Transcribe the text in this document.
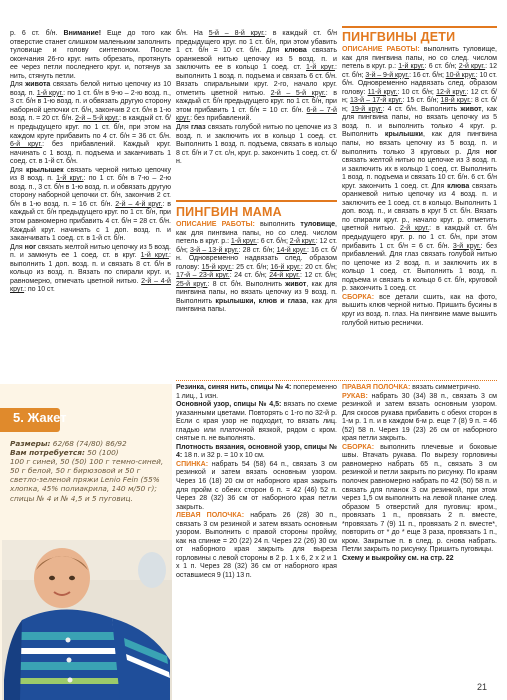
р. 6 ст. б/н. Внимание! Еще до того как отверстие станет слишком маленьким заполнить туловище и голову синтепоном. После окончания 26-го круг. нить обрезать, протянуть ее через петли последнего круг. и, потянув за нить, стянуть петли.

Для живота связать белой нитью цепочку из 10 возд. п. 1-й круг.: по 1 ст. б/н в 9-ю – 2-ю возд. п., 3 ст. б/н в 1-ю возд. п. и обвязать другую сторону наборной цепочки ст. б/н, закончив 2 ст. б/н в 1-ю возд. п. = 20 ст. б/н. 2-й – 5-й круг.: в каждый ст. б/н предыдущего круг. по 1 ст. б/н, при этом на каждом круге прибавить по 4 ст. б/н = 36 ст. б/н. 6-й круг.: без прибавлений. Каждый круг. начинать с 1 возд. п. подъема и заканчивать 1 соед. ст. в 1-й ст. б/н.

Для крылышек связать черной нитью цепочку из 8 возд. п. 1-й круг.: по 1 ст. б/н в 7-ю – 2-ю возд. п., 3 ст. б/н в 1-ю возд. п. и обвязать другую сторону наборной цепочки ст. б/н, закончив 2 ст. б/н в 1-ю возд. п. = 16 ст. б/н. 2-й – 4-й круг.: в каждый ст. б/н предыдущего круг. по 1 ст. б/н, при этом равномерно прибавить 4 ст. б/н = 28 ст. б/н. Каждый круг. начинать с 1 доп. возд. п. и заканчивать 1 соед. ст. в 1-й ст. б/н.

Для ног связать желтой нитью цепочку из 5 возд. п. и замкнуть ее 1 соед. ст. в круг. 1-й круг.: выполнить 1 доп. возд. п. и связать 8 ст. б/н в кольцо из возд. п. Вязать по спирали круг. и, равномерно, отмечать цветной нитью. 2-й – 4-й круг.: по 10 ст.

б/н. На 5-й – 8-й круг.: в каждый ст. б/н предыдущего круг. по 1 ст. б/н, при этом убавить 1 ст. б/н = 10 ст. б/н. Для клюва связать оранжевой нитью цепочку из 5 возд. п. и заключить ее в кольцо 1 соед. ст. 1-й круг.: выполнить 1 возд. п. подъема и связать 6 ст. б/н. Вязать спиральными круг. 2-го, начало круг. отметить цветной нитью. 2-й – 5-й круг.: в каждый ст. б/н предыдущего круг. по 1 ст. б/н, при этом прибавить 1 ст. б/н = 10 ст. б/н. 6-й – 7-й круг.: без прибавлений.

Для глаз связать голубой нитью по цепочке из 3 возд. п. и заключить их в кольцо 1 соед. ст. Выполнить 1 возд. п. подъема, связать в кольцо 8 ст. б/н и 7 ст. с/н, круг. р. закончить 1 соед. ст. б/н.

ПИНГВИН МАМА

ОПИСАНИЕ РАБОТЫ: выполнить туловище, как для пингвина папы, но со след. числом петель в круг. р.: 1-й круг.: 6 ст. б/н; 2-й круг.: 12 ст. б/н; 3-й – 13-й круг.: 28 ст. б/н; 14-й круг.: 16 ст. б/н. Одновременно надвязать след. образом голову: 15-й круг.: 25 ст. б/н; 16-й круг.: 20 ст. б/н; 17-й – 23-й круг.: 24 ст. б/н; 24-й круг.: 12 ст. б/н; 25-й круг.: 8 ст. б/н. Выполнить живот, как для пингвина папы, но вязать цепочку из 9 возд. п. Выполнить крылышки, клюв и глаза, как для пингвина папы.

ПИНГВИНЫ ДЕТИ

ОПИСАНИЕ РАБОТЫ: выполнить туловище, как для пингвина папы, но со след. числом петель в круг. р.: 1-й круг.: 6 ст. б/н; 2-й круг.: 12 ст. б/н; 3-й – 9-й круг.: 16 ст. б/н; 10-й круг.: 10 ст. б/н. Одновременно надвязать след. образом голову: 11-й круг.: 10 ст. б/н; 12-й круг.: 12 ст. б/н; 13-й – 17-й круг.: 15 ст. б/н; 18-й круг.: 8 ст. б/н; 19-й круг.: 4 ст. б/н. Выполнить живот, как для пингвина папы, но вязать цепочку из 5 возд. п. и выполнить только 4 круг. р. Выполнить крылышки, как для пингвина папы, но вязать цепочку из 5 возд. п. и выполнить только 3 круговых р. Для ног связать желтой нитью по цепочке из 3 возд. п. и заключить их в кольцо 1 соед. ст. Выполнить 1 возд. п. подъема и связать 10 ст. б/н. 6 ст. б/н круг. закончить 1 соед. ст. Для клюва связать оранжевой нитью цепочку из 4 возд. п. и заключить ее 1 соед. ст. в кольцо. Выполнить 1 доп. возд. п., и связать в круг 5 ст. б/н. Вязать по спирали круг. р., начало круг. р. отметить цветной нитью. 2-й круг.: в каждый ст. б/н предыдущего круг. р. по 1 ст. б/н, при этом прибавить 1 ст. б/н = 6 ст. б/н. 3-й круг.: без прибавлений. Для глаз связать голубой нитью по цепочке из 2 возд. п. и заключить их в кольцо 1 соед. ст. Выполнить 1 возд. п. подъема и связать в кольцо 6 ст. б/н, круговой р. закончить 1 соед. ст.

СБОРКА: все детали сшить, как на фото, вышить клюв черной нитью. Пришить бусины в круг из возд. п. глаз. На пингвине маме вышить голубой нитью реснички.

5. Жакет
Размеры: 62/68 (74/80) 86/92
Вам потребуется: 50 (100)
100 г синей, 50 (50) 100 г темно-синей, 50 г белой, 50 г бирюзовой и 50 г светло-зеленой пряжи Lenio Fein (55% хлопка, 45% полиакрила, 140 м/50 г); спицы № 4 и № 4,5 и 5 пуговиц.

Резинка, синяя нить, спицы № 4: попеременно 1 лиц., 1 изн.

Основной узор, спицы № 4,5: вязать по схеме указанными цветами. Повторять с 1-го по 32-й р. Если с края узор не подходит, то вязать лиц. гладью или платочной вязкой, рядом с кром. снятые п. не выполнять.

Плотность вязания, основной узор, спицы № 4: 18 п. и 32 р. = 10 х 10 см.

СПИНКА: набрать 54 (58) 64 п., связать 3 см резинкой и затем вязать основным узором. Через 16 (18) 20 см от наборного края закрыть для пройм с обеих сторон 6 п. = 42 (46) 52 п. Через 28 (32) 36 см от наборного края петли закрыть.

ЛЕВАЯ ПОЛОЧКА: набрать 26 (28) 30 п., связать 3 см резинкой и затем вязать основным узором. Выполнить с правой стороны пройму, как на спинке = 20 (22) 24 п. Через 22 (26) 30 см от наборного края закрыть для выреза горловины с левой стороны в 2 р. 1 х 6, 2 х 2 и 1 х 1 п. Через 28 (32) 36 см от наборного края оставшиеся 9 (11) 13 п.

ПРАВАЯ ПОЛОЧКА: вязать симметрично.

РУКАВ: набрать 30 (34) 38 п., связать 3 см резинкой и затем вязать основным узором. Для скосов рукава прибавить с обеих сторон в 1-м р. 1 п. и в каждом 6-м р. еще 7 (8) 9 п. = 46 (52) 58 п. Через 19 (23) 26 см от наборного края петли закрыть.

СБОРКА: выполнить плечевые и боковые швы. Втачать рукава. По вырезу горловины равномерно набрать 65 п., связать 3 см резинкой и петли закрыть по рисунку. По краям полочек равномерно набрать по 42 (50) 58 п. и связать для планок 3 см резинкой, при этом через 1,5 см выполнить на левой планке след. образом 5 отверстий для пуговиц: кром., провязать 1 п., провязать 2 п. вместе, *провязать 7 (9) 11 п., провязать 2 п. вместе*, повторить от * до * еще 3 раза, провязать 1 п., кром. Закрытые п. в след. р. снова набрать. Петли закрыть по рисунку. Пришить пуговицы.

Схему и выкройку см. на стр. 22

21
